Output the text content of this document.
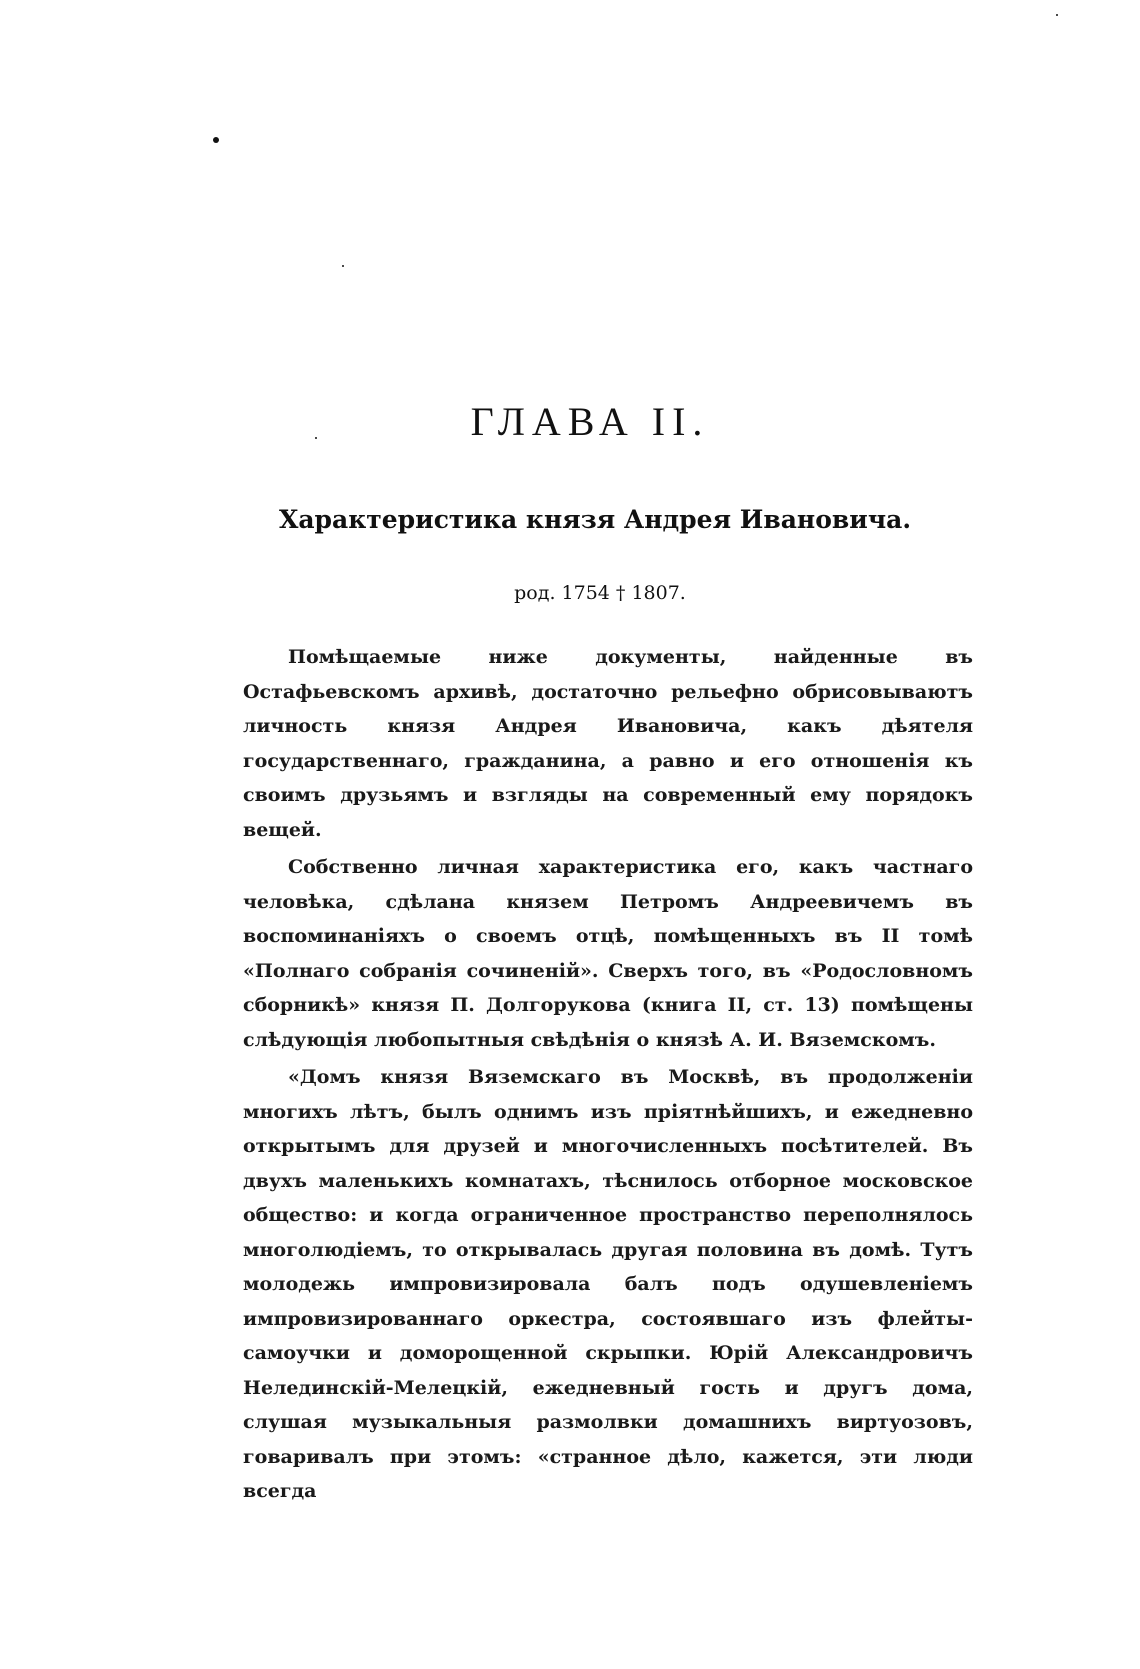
ГЛАВА II.
Характеристика князя Андрея Ивановича.
род. 1754 † 1807.

Помѣщаемые ниже документы, найденные въ Остафьевскомъ архивѣ, достаточно рельефно обрисовываютъ личность князя Андрея Ивановича, какъ дѣятеля государственнаго, гражданина, а равно и его отношенія къ своимъ друзьямъ и взгляды на современный ему порядокъ вещей.

Собственно личная характеристика его, какъ частнаго человѣка, сдѣлана князем Петромъ Андреевичемъ въ воспоминаніяхъ о своемъ отцѣ, помѣщенныхъ въ II томѣ «Полнаго собранія сочиненій». Сверхъ того, въ «Родословномъ сборникѣ» князя П. Долгорукова (книга II, ст. 13) помѣщены слѣдующія любопытныя свѣдѣнія о князѣ А. И. Вяземскомъ.

«Домъ князя Вяземскаго въ Москвѣ, въ продолженіи многихъ лѣтъ, былъ однимъ изъ пріятнѣйшихъ, и ежедневно открытымъ для друзей и многочисленныхъ посѣтителей. Въ двухъ маленькихъ комнатахъ, тѣснилось отборное московское общество: и когда ограниченное пространство переполнялось многолюдіемъ, то открывалась другая половина въ домѣ. Тутъ молодежь импровизировала балъ подъ одушевленіемъ импровизированнаго оркестра, состоявшаго изъ флейты-самоучки и доморощенной скрыпки. Юрій Александровичъ Нелединскій-Мелецкій, ежедневный гость и другъ дома, слушая музыкальныя размолвки домашнихъ виртуозовъ, говаривалъ при этомъ: «странное дѣло, кажется, эти люди всегда
